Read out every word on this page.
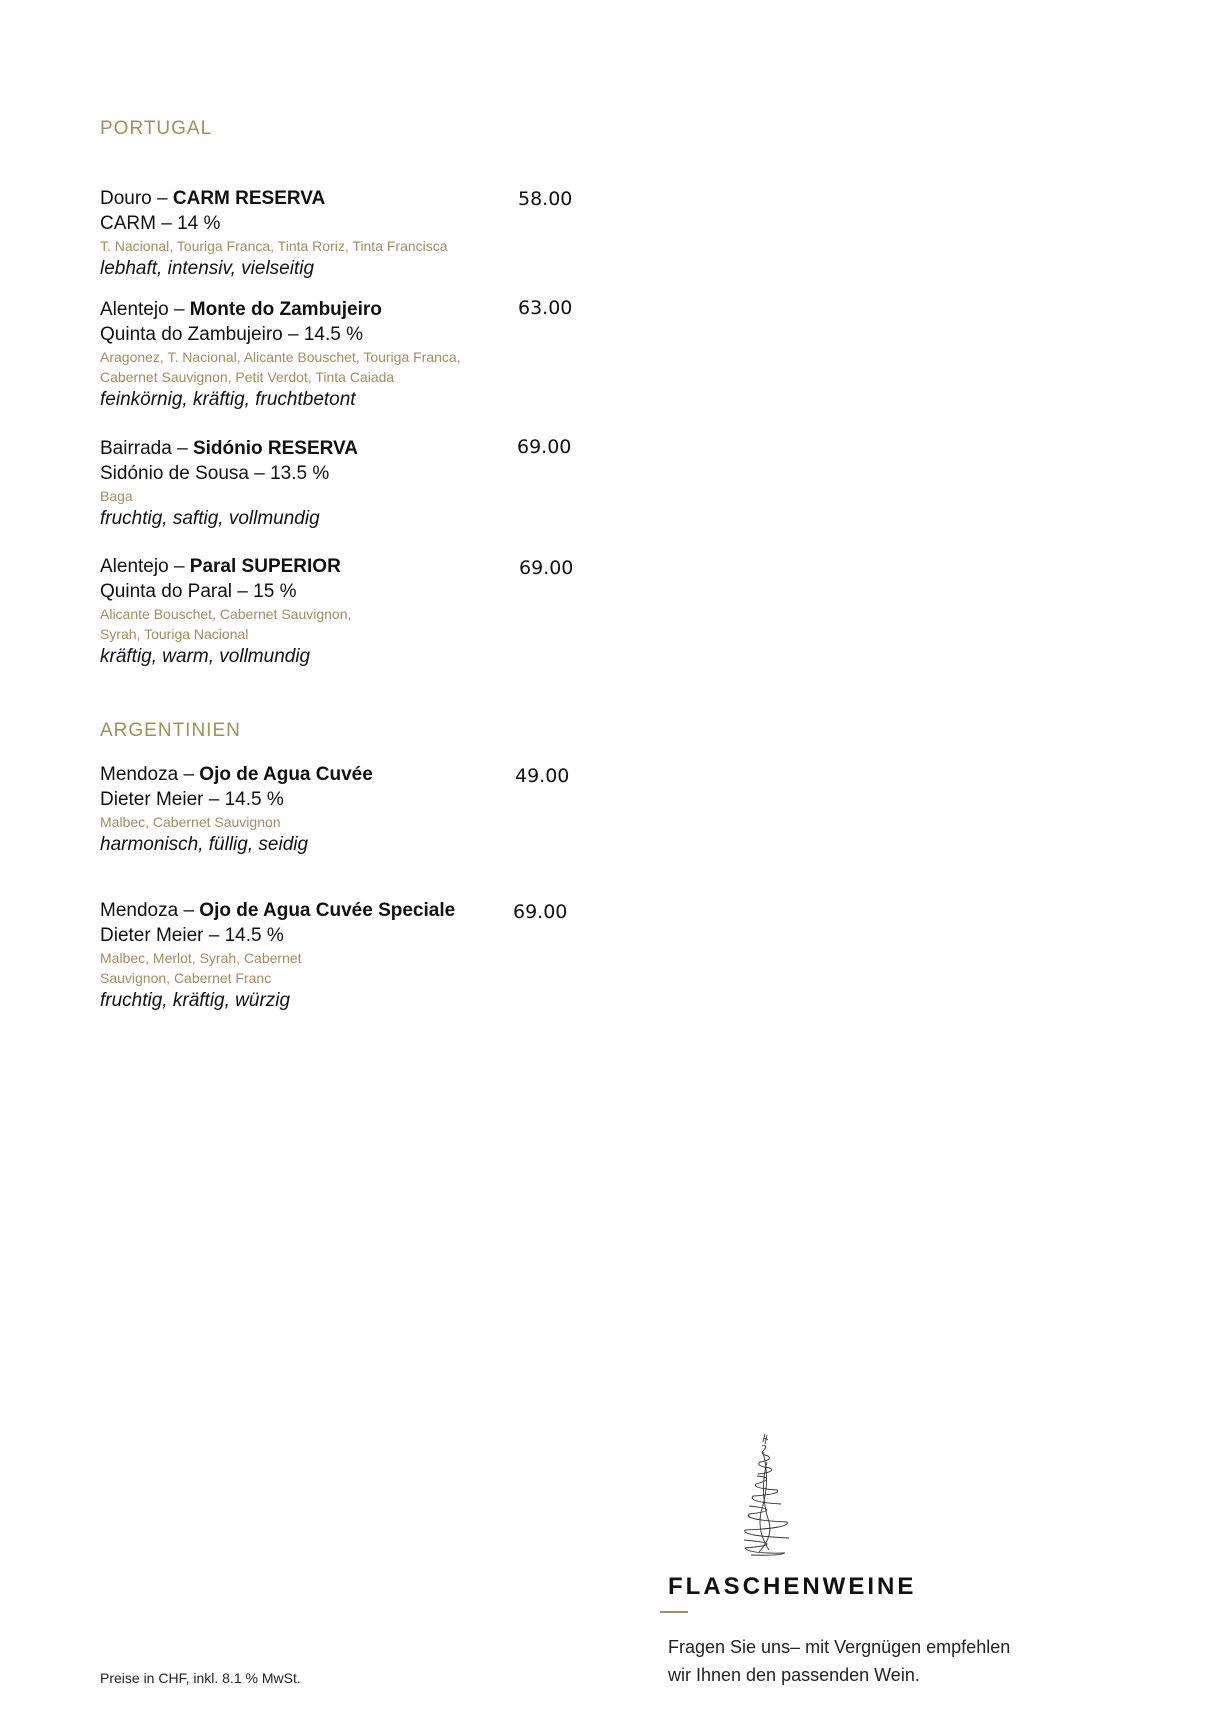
PORTUGAL
Douro – CARM RESERVA
CARM – 14 %
T. Nacional, Touriga Franca, Tinta Roriz, Tinta Francisca
lebhaft, intensiv, vielseitig
58.00
Alentejo – Monte do Zambujeiro
Quinta do Zambujeiro – 14.5 %
Aragonez, T. Nacional, Alicante Bouschet, Touriga Franca,
Cabernet Sauvignon, Petit Verdot, Tinta Caiada
feinkörnig, kräftig, fruchtbetont
63.00
Bairrada – Sidónio RESERVA
Sidónio de Sousa – 13.5 %
Baga
fruchtig, saftig, vollmundig
69.00
Alentejo – Paral SUPERIOR
Quinta do Paral – 15 %
Alicante Bouschet, Cabernet Sauvignon,
Syrah, Touriga Nacional
kräftig, warm, vollmundig
69.00
ARGENTINIEN
Mendoza – Ojo de Agua Cuvée
Dieter Meier – 14.5 %
Malbec, Cabernet Sauvignon
harmonisch, füllig, seidig
49.00
Mendoza – Ojo de Agua Cuvée Speciale
Dieter Meier – 14.5 %
Malbec, Merlot, Syrah, Cabernet
Sauvignon, Cabernet Franc
fruchtig, kräftig, würzig
69.00
Preise in CHF, inkl. 8.1 % MwSt.
FLASCHENWEINE
Fragen Sie uns– mit Vergnügen empfehlen
wir Ihnen den passenden Wein.
